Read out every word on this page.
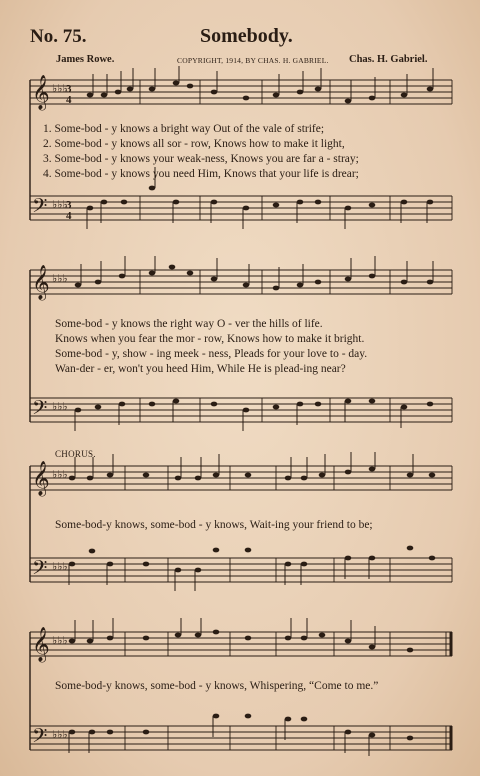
No. 75.	Somebody.
James Rowe.	COPYRIGHT, 1914, BY CHAS. H. GABRIEL. Chas. H. Gabriel.
𝄞
𝄢
♭♭♭
♭♭♭
3
4
3
4
1. Some-bod - y knows a bright way Out of the vale of strife;
2. Some-bod - y knows all sor - row, Knows how to make it light,
3. Some-bod - y knows your weak-ness, Knows you are far a - stray;
4. Some-bod - y knows you need Him, Knows that your life is drear;
𝄞
𝄢
♭♭♭
♭♭♭
Some-bod - y knows the right way O - ver the hills of life.
Knows when you fear the mor - row, Knows how to make it bright.
Some-bod - y, show - ing meek - ness, Pleads for your love to - day.
Wan-der - er, won't you heed Him, While He is plead-ing near?
CHORUS.
𝄞
𝄢
♭♭♭
♭♭♭
Some-bod-y knows, some-bod - y knows, Wait-ing your friend to be;
𝄞
𝄢
♭♭♭
♭♭♭
Some-bod-y knows, some-bod - y knows, Whispering, “Come to me.”
